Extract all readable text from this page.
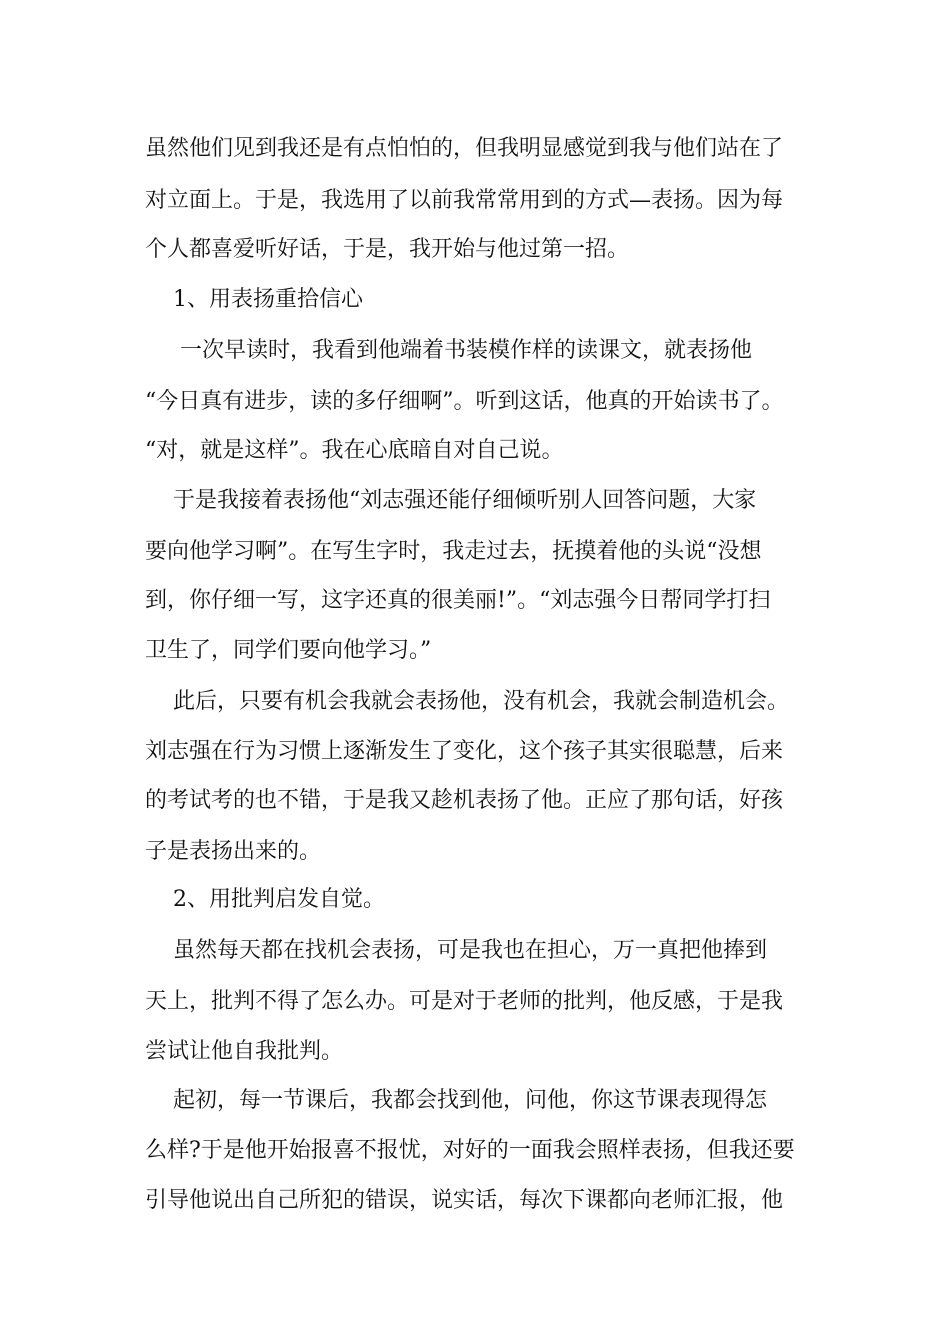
虽然他们见到我还是有点怕怕的，但我明显感觉到我与他们站在了
对立面上。于是，我选用了以前我常常用到的方式—表扬。因为每
个人都喜爱听好话，于是，我开始与他过第一招。
1、用表扬重拾信心
一次早读时，我看到他端着书装模作样的读课文，就表扬他
“今日真有进步，读的多仔细啊”。听到这话，他真的开始读书了。
“对，就是这样”。我在心底暗自对自己说。
于是我接着表扬他“刘志强还能仔细倾听别人回答问题，大家
要向他学习啊”。在写生字时，我走过去，抚摸着他的头说“没想
到，你仔细一写，这字还真的很美丽!”。“刘志强今日帮同学打扫
卫生了，同学们要向他学习。”
此后，只要有机会我就会表扬他，没有机会，我就会制造机会。
刘志强在行为习惯上逐渐发生了变化，这个孩子其实很聪慧，后来
的考试考的也不错，于是我又趁机表扬了他。正应了那句话，好孩
子是表扬出来的。
2、用批判启发自觉。
虽然每天都在找机会表扬，可是我也在担心，万一真把他捧到
天上，批判不得了怎么办。可是对于老师的批判，他反感，于是我
尝试让他自我批判。
起初，每一节课后，我都会找到他，问他，你这节课表现得怎
么样?于是他开始报喜不报忧，对好的一面我会照样表扬，但我还要
引导他说出自己所犯的错误，说实话，每次下课都向老师汇报，他
